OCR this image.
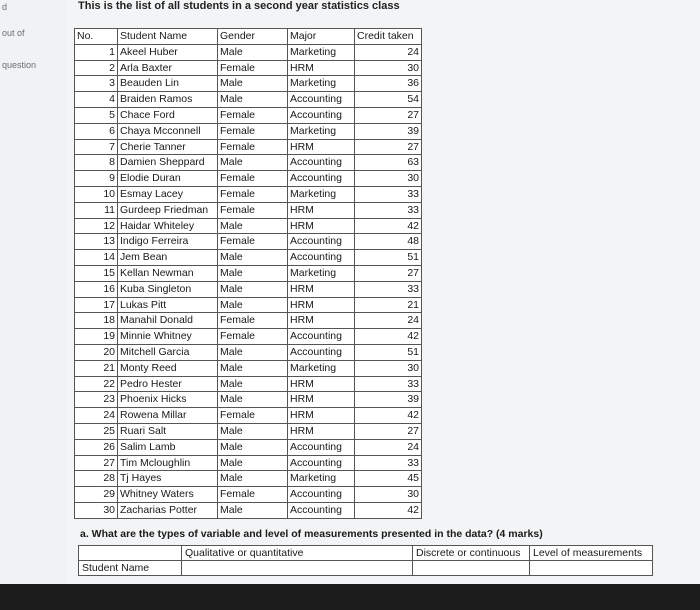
d
out of
question
This is the list of all students in a second year statistics class
No.	Student Name	Gender	Major	Credit taken
1	Akeel Huber	Male	Marketing	24
2	Arla Baxter	Female	HRM	30
3	Beauden Lin	Male	Marketing	36
4	Braiden Ramos	Male	Accounting	54
5	Chace Ford	Female	Accounting	27
6	Chaya Mcconnell	Female	Marketing	39
7	Cherie Tanner	Female	HRM	27
8	Damien Sheppard	Male	Accounting	63
9	Elodie Duran	Female	Accounting	30
10	Esmay Lacey	Female	Marketing	33
11	Gurdeep Friedman	Female	HRM	33
12	Haidar Whiteley	Male	HRM	42
13	Indigo Ferreira	Female	Accounting	48
14	Jem Bean	Male	Accounting	51
15	Kellan Newman	Male	Marketing	27
16	Kuba Singleton	Male	HRM	33
17	Lukas Pitt	Male	HRM	21
18	Manahil Donald	Female	HRM	24
19	Minnie Whitney	Female	Accounting	42
20	Mitchell Garcia	Male	Accounting	51
21	Monty Reed	Male	Marketing	30
22	Pedro Hester	Male	HRM	33
23	Phoenix Hicks	Male	HRM	39
24	Rowena Millar	Female	HRM	42
25	Ruari Salt	Male	HRM	27
26	Salim Lamb	Male	Accounting	24
27	Tim Mcloughlin	Male	Accounting	33
28	Tj Hayes	Male	Marketing	45
29	Whitney Waters	Female	Accounting	30
30	Zacharias Potter	Male	Accounting	42
a. What are the types of variable and level of measurements presented in the data? (4 marks)
	Qualitative or quantitative	Discrete or continuous	Level of measurements
Student Name			
